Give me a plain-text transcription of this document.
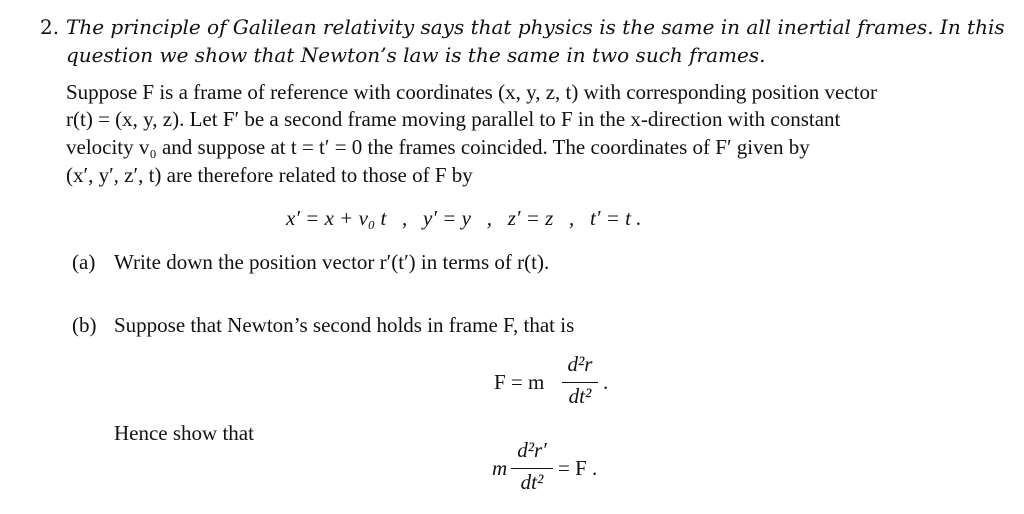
2. The principle of Galilean relativity says that physics is the same in all inertial frames. In this
question we show that Newton’s law is the same in two such frames.
Suppose F is a frame of reference with coordinates (x, y, z, t) with corresponding position vector
r(t) = (x, y, z). Let F′ be a second frame moving parallel to F in the x-direction with constant
velocity v₀ and suppose at t = t′ = 0 the frames coincided. The coordinates of F′ given by
(x′, y′, z′, t) are therefore related to those of F by
x′ = x + v₀ t   ,   y′ = y   ,   z′ = z   ,   t′ = t .
(a) Write down the position vector r′(t′) in terms of r(t).
(b) Suppose that Newton’s second holds in frame F, that is
F = m
d²r
dt²
.
Hence show that
m
d²r′
dt²
= F .
